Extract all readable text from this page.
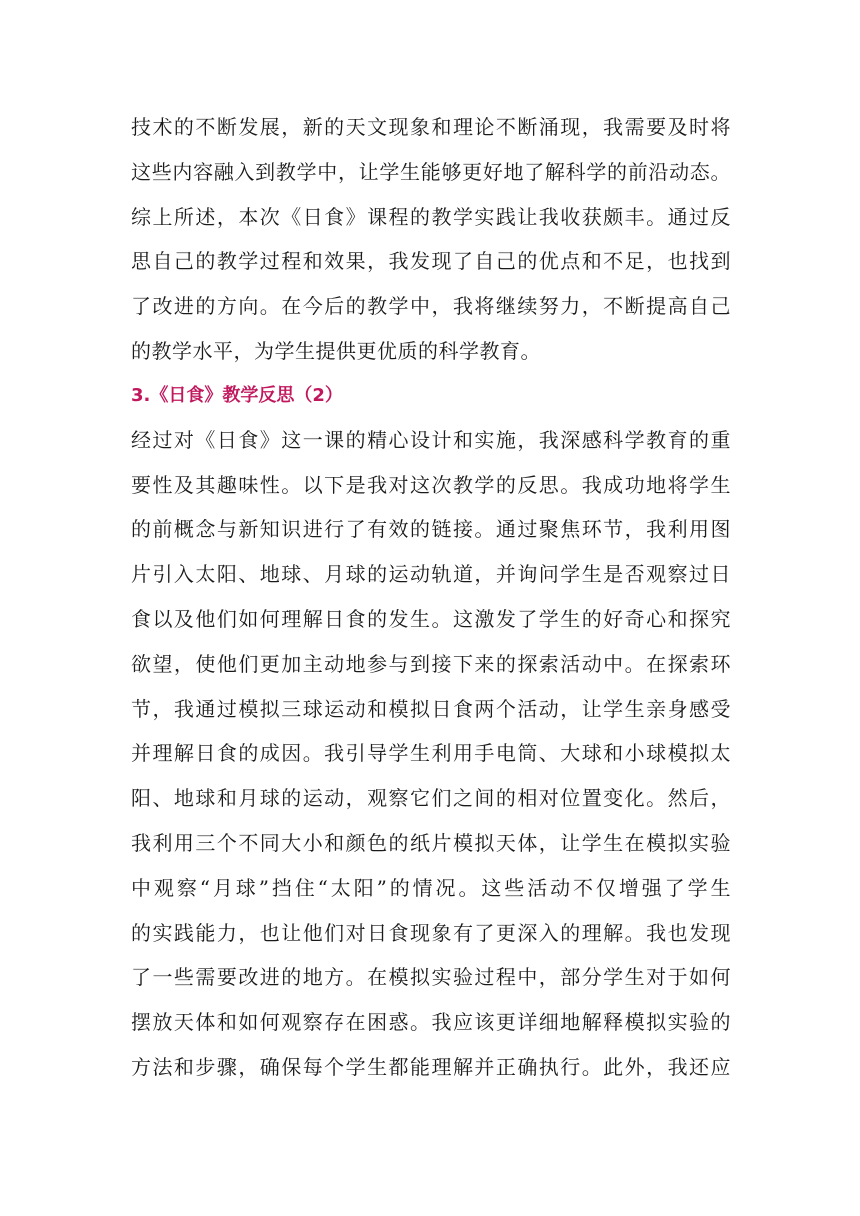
技术的不断发展，新的天文现象和理论不断涌现，我需要及时将
这些内容融入到教学中，让学生能够更好地了解科学的前沿动态。
综上所述，本次《日食》课程的教学实践让我收获颇丰。通过反
思自己的教学过程和效果，我发现了自己的优点和不足，也找到
了改进的方向。在今后的教学中，我将继续努力，不断提高自己
的教学水平，为学生提供更优质的科学教育。
3.《日食》教学反思（2）
经过对《日食》这一课的精心设计和实施，我深感科学教育的重
要性及其趣味性。以下是我对这次教学的反思。我成功地将学生
的前概念与新知识进行了有效的链接。通过聚焦环节，我利用图
片引入太阳、地球、月球的运动轨道，并询问学生是否观察过日
食以及他们如何理解日食的发生。这激发了学生的好奇心和探究
欲望，使他们更加主动地参与到接下来的探索活动中。在探索环
节，我通过模拟三球运动和模拟日食两个活动，让学生亲身感受
并理解日食的成因。我引导学生利用手电筒、大球和小球模拟太
阳、地球和月球的运动，观察它们之间的相对位置变化。然后，
我利用三个不同大小和颜色的纸片模拟天体，让学生在模拟实验
中观察“月球”挡住“太阳”的情况。这些活动不仅增强了学生
的实践能力，也让他们对日食现象有了更深入的理解。我也发现
了一些需要改进的地方。在模拟实验过程中，部分学生对于如何
摆放天体和如何观察存在困惑。我应该更详细地解释模拟实验的
方法和步骤，确保每个学生都能理解并正确执行。此外，我还应
